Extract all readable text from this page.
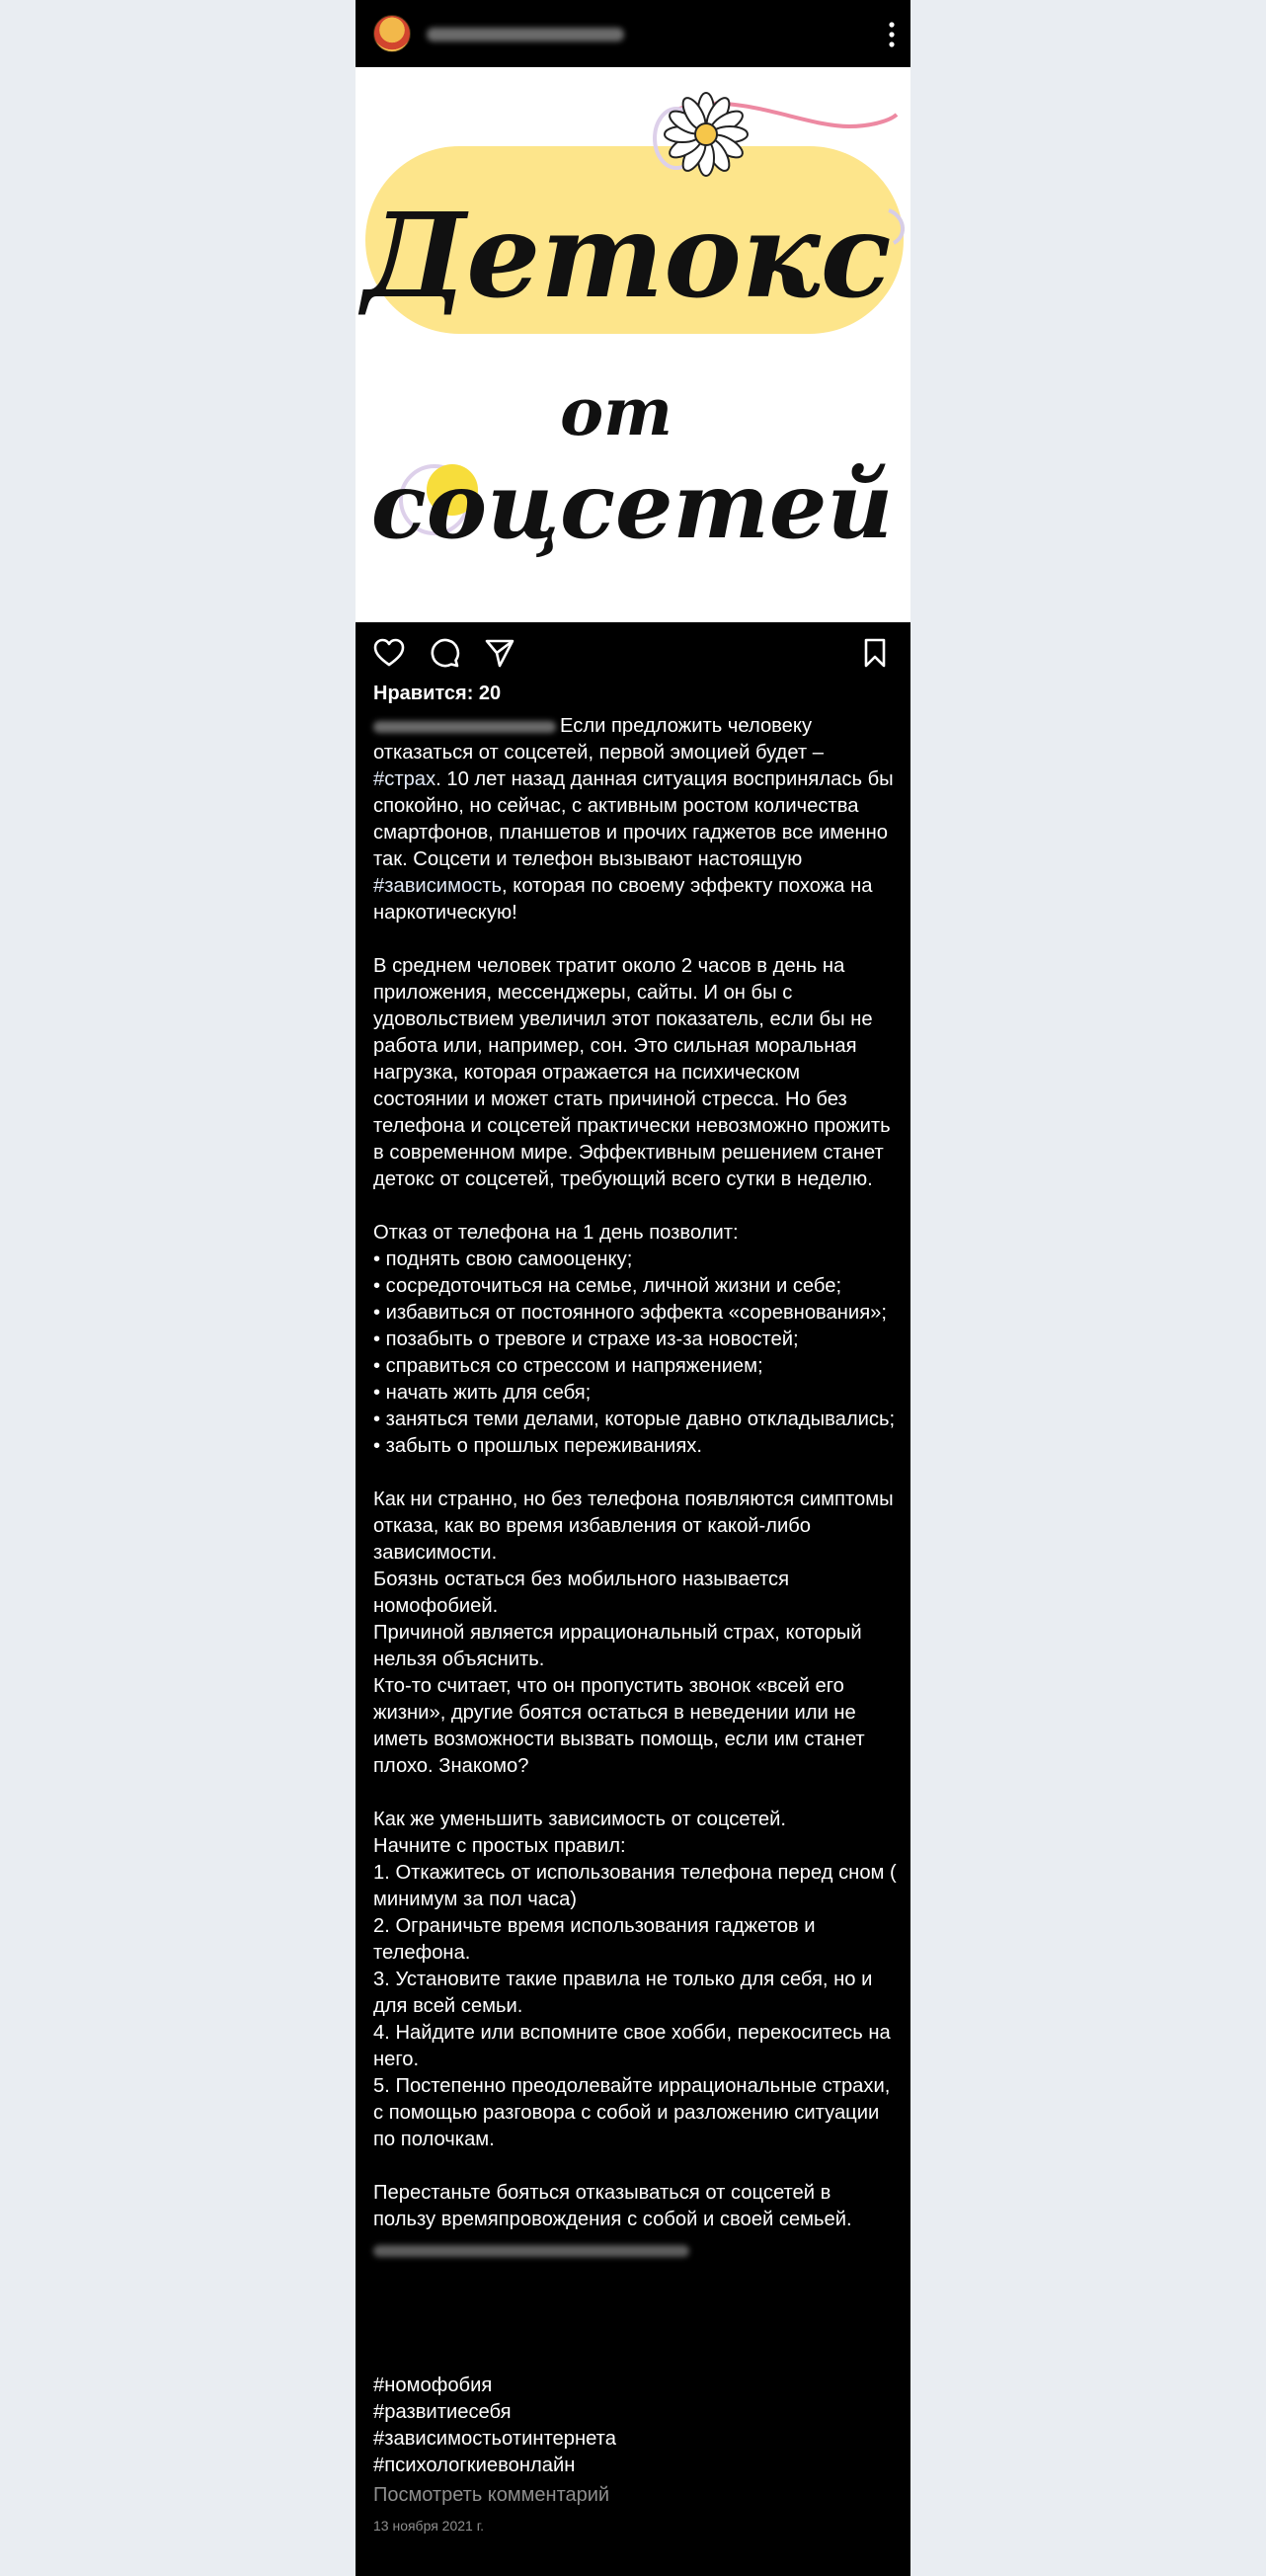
Детокс
от
соцсетей
Нравится: 20
Если предложить человеку отказаться от соцсетей, первой эмоцией будет – #страх. 10 лет назад данная ситуация воспринялась бы спокойно, но сейчас, с активным ростом количества смартфонов, планшетов и прочих гаджетов все именно так. Соцсети и телефон вызывают настоящую #зависимость, которая по своему эффекту похожа на наркотическую!

В среднем человек тратит около 2 часов в день на приложения, мессенджеры, сайты. И он бы с удовольствием увеличил этот показатель, если бы не работа или, например, сон. Это сильная моральная нагрузка, которая отражается на психическом состоянии и может стать причиной стресса. Но без телефона и соцсетей практически невозможно прожить в современном мире. Эффективным решением станет детокс от соцсетей, требующий всего сутки в неделю.

Отказ от телефона на 1 день позволит:
• поднять свою самооценку;
• сосредоточиться на семье, личной жизни и себе;
• избавиться от постоянного эффекта «соревнования»;
• позабыть о тревоге и страхе из-за новостей;
• справиться со стрессом и напряжением;
• начать жить для себя;
• заняться теми делами, которые давно откладывались;
• забыть о прошлых переживаниях.

Как ни странно, но без телефона появляются симптомы отказа, как во время избавления от какой-либо зависимости.
Боязнь остаться без мобильного называется номофобией.
Причиной является иррациональный страх, который нельзя объяснить.
Кто-то считает, что он пропустить звонок «всей его жизни», другие боятся остаться в неведении или не иметь возможности вызвать помощь, если им станет плохо. Знакомо?

Как же уменьшить зависимость от соцсетей.
Начните с простых правил:
1. Откажитесь от использования телефона перед сном ( минимум за пол часа)
2. Ограничьте время использования гаджетов и телефона.
3. Установите такие правила не только для себя, но и для всей семьи.
4. Найдите или вспомните свое хобби, перекоситесь на него.
5. Постепенно преодолевайте иррациональные страхи, с помощью разговора с собой и разложению ситуации по полочкам.

Перестаньте бояться отказываться от соцсетей в пользу времяпровождения с собой и своей семьей.
#номофобия
#развитиесебя
#зависимостьотинтернета
#психологкиевонлайн
Посмотреть комментарий
13 ноября 2021 г.
